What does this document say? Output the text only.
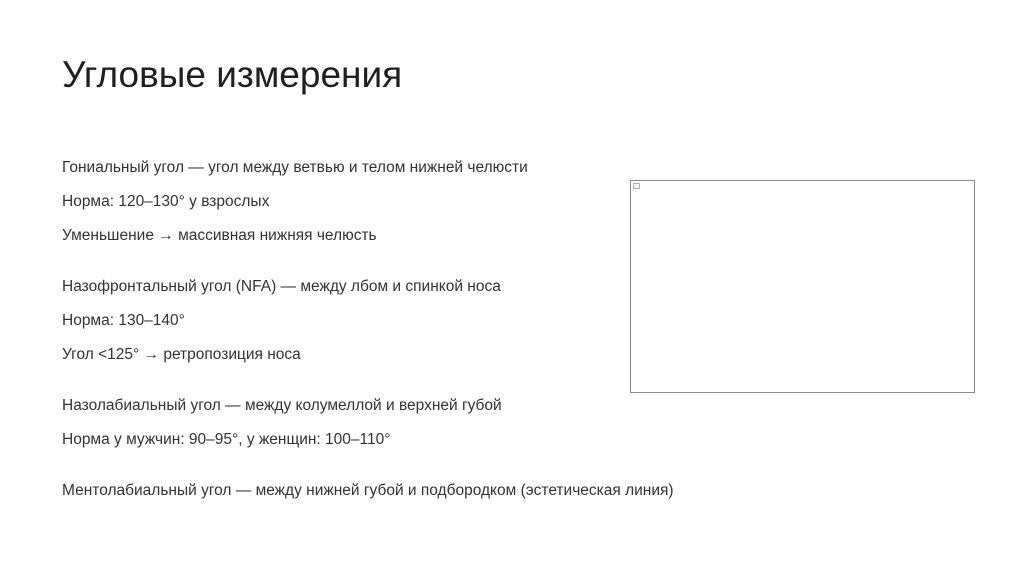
Угловые измерения
Гониальный угол — угол между ветвью и телом нижней челюсти
Норма: 120–130° у взрослых
Уменьшение → массивная нижняя челюсть
Назофронтальный угол (NFA) — между лбом и спинкой носа
Норма: 130–140°
Угол <125° → ретропозиция носа
Назолабиальный угол — между колумеллой и верхней губой
Норма у мужчин: 90–95°, у женщин: 100–110°
Ментолабиальный угол — между нижней губой и подбородком (эстетическая линия)
